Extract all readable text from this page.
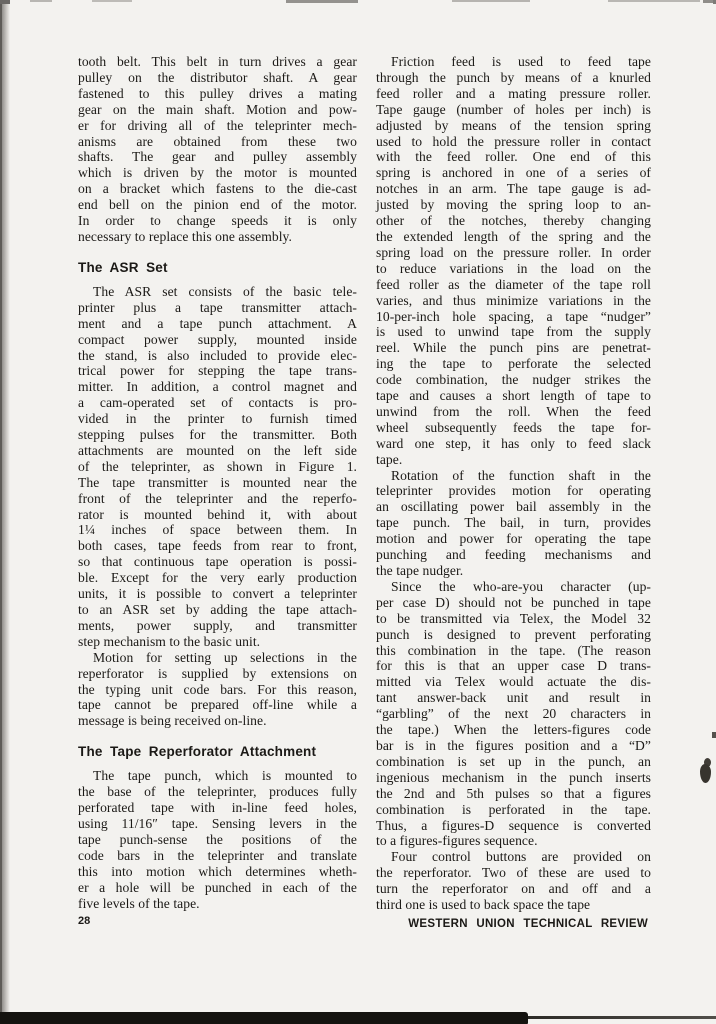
tooth belt. This belt in turn drives a gear
pulley on the distributor shaft. A gear
fastened to this pulley drives a mating
gear on the main shaft. Motion and pow-
er for driving all of the teleprinter mech-
anisms are obtained from these two
shafts. The gear and pulley assembly
which is driven by the motor is mounted
on a bracket which fastens to the die-cast
end bell on the pinion end of the motor.
In order to change speeds it is only
necessary to replace this one assembly.
The ASR Set
The ASR set consists of the basic tele-
printer plus a tape transmitter attach-
ment and a tape punch attachment. A
compact power supply, mounted inside
the stand, is also included to provide elec-
trical power for stepping the tape trans-
mitter. In addition, a control magnet and
a cam-operated set of contacts is pro-
vided in the printer to furnish timed
stepping pulses for the transmitter. Both
attachments are mounted on the left side
of the teleprinter, as shown in Figure 1.
The tape transmitter is mounted near the
front of the teleprinter and the reperfo-
rator is mounted behind it, with about
1¼ inches of space between them. In
both cases, tape feeds from rear to front,
so that continuous tape operation is possi-
ble. Except for the very early production
units, it is possible to convert a teleprinter
to an ASR set by adding the tape attach-
ments, power supply, and transmitter
step mechanism to the basic unit.
Motion for setting up selections in the
reperforator is supplied by extensions on
the typing unit code bars. For this reason,
tape cannot be prepared off-line while a
message is being received on-line.
The Tape Reperforator Attachment
The tape punch, which is mounted to
the base of the teleprinter, produces fully
perforated tape with in-line feed holes,
using 11/16″ tape. Sensing levers in the
tape punch-sense the positions of the
code bars in the teleprinter and translate
this into motion which determines wheth-
er a hole will be punched in each of the
five levels of the tape.
Friction feed is used to feed tape
through the punch by means of a knurled
feed roller and a mating pressure roller.
Tape gauge (number of holes per inch) is
adjusted by means of the tension spring
used to hold the pressure roller in contact
with the feed roller. One end of this
spring is anchored in one of a series of
notches in an arm. The tape gauge is ad-
justed by moving the spring loop to an-
other of the notches, thereby changing
the extended length of the spring and the
spring load on the pressure roller. In order
to reduce variations in the load on the
feed roller as the diameter of the tape roll
varies, and thus minimize variations in the
10-per-inch hole spacing, a tape “nudger”
is used to unwind tape from the supply
reel. While the punch pins are penetrat-
ing the tape to perforate the selected
code combination, the nudger strikes the
tape and causes a short length of tape to
unwind from the roll. When the feed
wheel subsequently feeds the tape for-
ward one step, it has only to feed slack
tape.
Rotation of the function shaft in the
teleprinter provides motion for operating
an oscillating power bail assembly in the
tape punch. The bail, in turn, provides
motion and power for operating the tape
punching and feeding mechanisms and
the tape nudger.
Since the who-are-you character (up-
per case D) should not be punched in tape
to be transmitted via Telex, the Model 32
punch is designed to prevent perforating
this combination in the tape. (The reason
for this is that an upper case D trans-
mitted via Telex would actuate the dis-
tant answer-back unit and result in
“garbling” of the next 20 characters in
the tape.) When the letters-figures code
bar is in the figures position and a “D”
combination is set up in the punch, an
ingenious mechanism in the punch inserts
the 2nd and 5th pulses so that a figures
combination is perforated in the tape.
Thus, a figures-D sequence is converted
to a figures-figures sequence.
Four control buttons are provided on
the reperforator. Two of these are used to
turn the reperforator on and off and a
third one is used to back space the tape
28	WESTERN UNION TECHNICAL REVIEW
